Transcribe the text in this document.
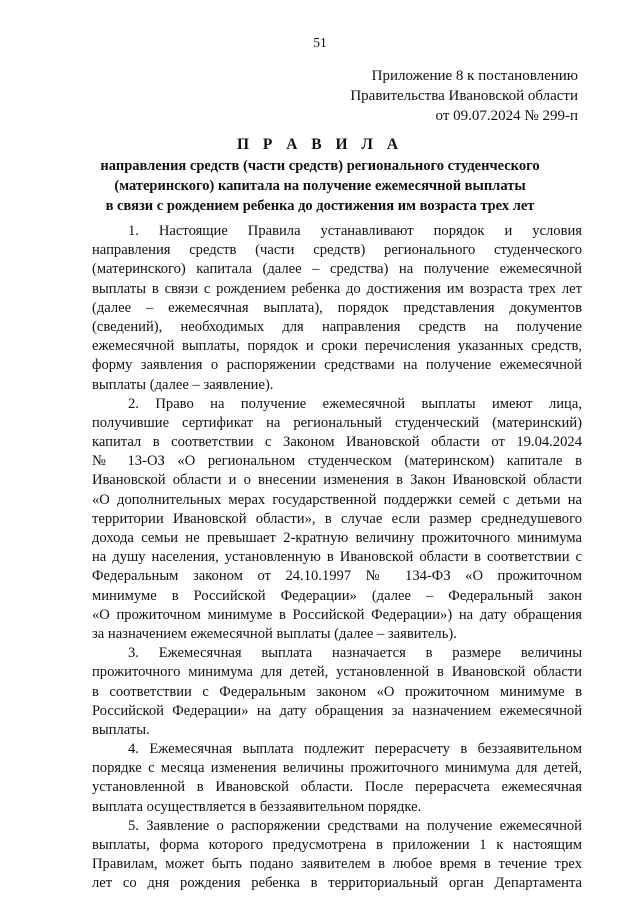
51
Приложение 8 к постановлению
Правительства Ивановской области
от 09.07.2024 № 299-п
П Р А В И Л А
направления средств (части средств) регионального студенческого
(материнского) капитала на получение ежемесячной выплаты
в связи с рождением ребенка до достижения им возраста трех лет
1. Настоящие Правила устанавливают порядок и условия
направления средств (части средств) регионального студенческого
(материнского) капитала (далее – средства) на получение ежемесячной
выплаты в связи с рождением ребенка до достижения им возраста трех лет
(далее – ежемесячная выплата), порядок представления документов
(сведений), необходимых для направления средств на получение
ежемесячной выплаты, порядок и сроки перечисления указанных средств,
форму заявления о распоряжении средствами на получение ежемесячной
выплаты (далее – заявление).
2. Право на получение ежемесячной выплаты имеют лица,
получившие сертификат на региональный студенческий (материнский)
капитал в соответствии с Законом Ивановской области от 19.04.2024
№ 13-ОЗ «О региональном студенческом (материнском) капитале в
Ивановской области и о внесении изменения в Закон Ивановской области
«О дополнительных мерах государственной поддержки семей с детьми на
территории Ивановской области», в случае если размер среднедушевого
дохода семьи не превышает 2-кратную величину прожиточного минимума
на душу населения, установленную в Ивановской области в соответствии с
Федеральным законом от 24.10.1997 № 134-ФЗ «О прожиточном
минимуме в Российской Федерации» (далее – Федеральный закон
«О прожиточном минимуме в Российской Федерации») на дату обращения
за назначением ежемесячной выплаты (далее – заявитель).
3. Ежемесячная выплата назначается в размере величины
прожиточного минимума для детей, установленной в Ивановской области
в соответствии с Федеральным законом «О прожиточном минимуме в
Российской Федерации» на дату обращения за назначением ежемесячной
выплаты.
4. Ежемесячная выплата подлежит перерасчету в беззаявительном
порядке с месяца изменения величины прожиточного минимума для детей,
установленной в Ивановской области. После перерасчета ежемесячная
выплата осуществляется в беззаявительном порядке.
5. Заявление о распоряжении средствами на получение ежемесячной
выплаты, форма которого предусмотрена в приложении 1 к настоящим
Правилам, может быть подано заявителем в любое время в течение трех
лет со дня рождения ребенка в территориальный орган Департамента
